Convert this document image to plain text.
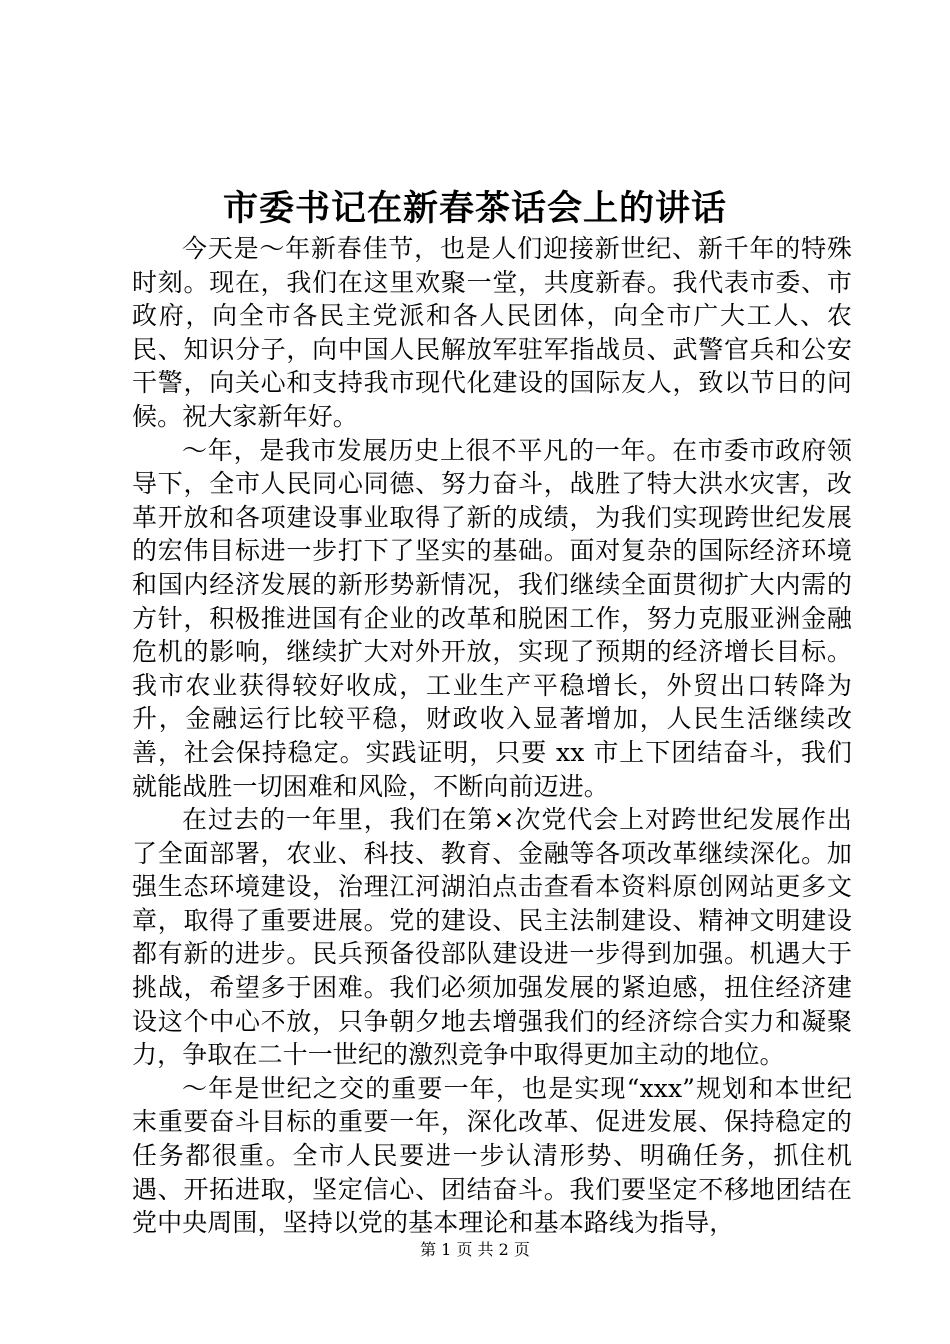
市委书记在新春茶话会上的讲话

今天是～年新春佳节，也是人们迎接新世纪、新千年的特殊时刻。现在，我们在这里欢聚一堂，共度新春。我代表市委、市政府，向全市各民主党派和各人民团体，向全市广大工人、农民、知识分子，向中国人民解放军驻军指战员、武警官兵和公安干警，向关心和支持我市现代化建设的国际友人，致以节日的问候。祝大家新年好。

～年，是我市发展历史上很不平凡的一年。在市委市政府领导下，全市人民同心同德、努力奋斗，战胜了特大洪水灾害，改革开放和各项建设事业取得了新的成绩，为我们实现跨世纪发展的宏伟目标进一步打下了坚实的基础。面对复杂的国际经济环境和国内经济发展的新形势新情况，我们继续全面贯彻扩大内需的方针，积极推进国有企业的改革和脱困工作，努力克服亚洲金融危机的影响，继续扩大对外开放，实现了预期的经济增长目标。我市农业获得较好收成，工业生产平稳增长，外贸出口转降为升，金融运行比较平稳，财政收入显著增加，人民生活继续改善，社会保持稳定。实践证明，只要 xx 市上下团结奋斗，我们就能战胜一切困难和风险，不断向前迈进。

在过去的一年里，我们在第×次党代会上对跨世纪发展作出了全面部署，农业、科技、教育、金融等各项改革继续深化。加强生态环境建设，治理江河湖泊点击查看本资料原创网站更多文章，取得了重要进展。党的建设、民主法制建设、精神文明建设都有新的进步。民兵预备役部队建设进一步得到加强。机遇大于挑战，希望多于困难。我们必须加强发展的紧迫感，扭住经济建设这个中心不放，只争朝夕地去增强我们的经济综合实力和凝聚力，争取在二十一世纪的激烈竞争中取得更加主动的地位。

～年是世纪之交的重要一年，也是实现“xxx”规划和本世纪末重要奋斗目标的重要一年，深化改革、促进发展、保持稳定的任务都很重。全市人民要进一步认清形势、明确任务，抓住机遇、开拓进取，坚定信心、团结奋斗。我们要坚定不移地团结在党中央周围，坚持以党的基本理论和基本路线为指导，

第 1 页 共 2 页
